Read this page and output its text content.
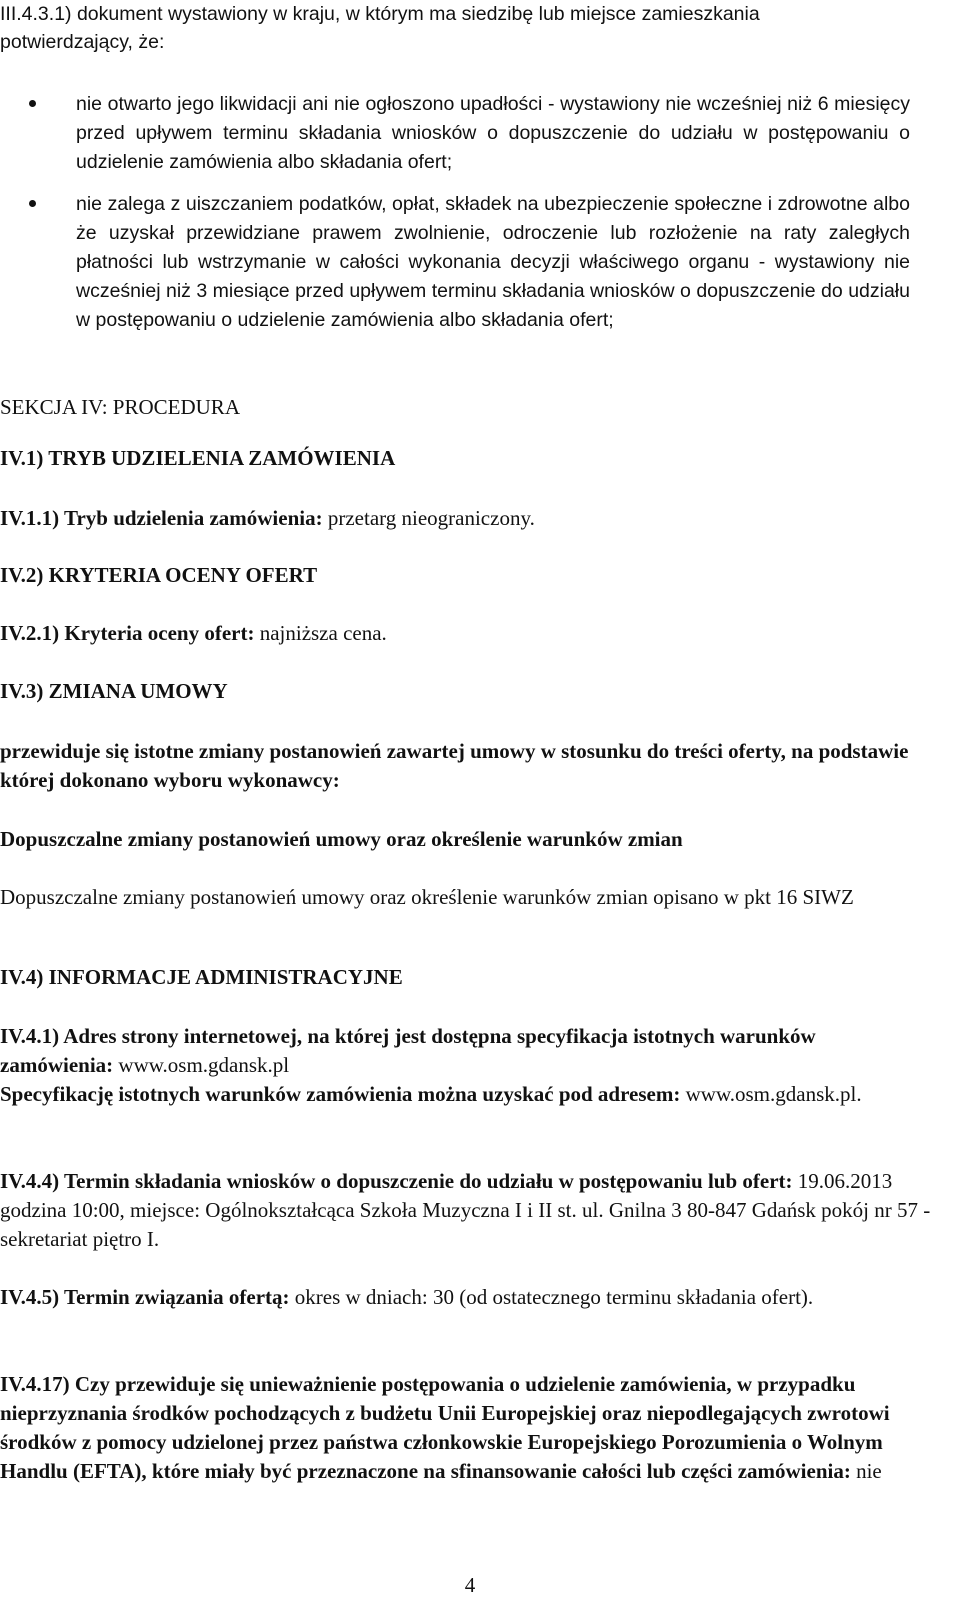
III.4.3.1) dokument wystawiony w kraju, w którym ma siedzibę lub miejsce zamieszkania
potwierdzający, że:
nie otwarto jego likwidacji ani nie ogłoszono upadłości - wystawiony nie wcześniej niż 6 miesięcy przed upływem terminu składania wniosków o dopuszczenie do udziału w postępowaniu o udzielenie zamówienia albo składania ofert;
nie zalega z uiszczaniem podatków, opłat, składek na ubezpieczenie społeczne i zdrowotne albo że uzyskał przewidziane prawem zwolnienie, odroczenie lub rozłożenie na raty zaległych płatności lub wstrzymanie w całości wykonania decyzji właściwego organu - wystawiony nie wcześniej niż 3 miesiące przed upływem terminu składania wniosków o dopuszczenie do udziału w postępowaniu o udzielenie zamówienia albo składania ofert;
SEKCJA IV: PROCEDURA
IV.1) TRYB UDZIELENIA ZAMÓWIENIA
IV.1.1) Tryb udzielenia zamówienia: przetarg nieograniczony.
IV.2) KRYTERIA OCENY OFERT
IV.2.1) Kryteria oceny ofert: najniższa cena.
IV.3) ZMIANA UMOWY
przewiduje się istotne zmiany postanowień zawartej umowy w stosunku do treści oferty, na podstawie której dokonano wyboru wykonawcy:
Dopuszczalne zmiany postanowień umowy oraz określenie warunków zmian
Dopuszczalne zmiany postanowień umowy oraz określenie warunków zmian opisano w pkt 16 SIWZ
IV.4) INFORMACJE ADMINISTRACYJNE
IV.4.1) Adres strony internetowej, na której jest dostępna specyfikacja istotnych warunków zamówienia: www.osm.gdansk.pl
Specyfikację istotnych warunków zamówienia można uzyskać pod adresem: www.osm.gdansk.pl.
IV.4.4) Termin składania wniosków o dopuszczenie do udziału w postępowaniu lub ofert: 19.06.2013 godzina 10:00, miejsce: Ogólnokształcąca Szkoła Muzyczna I i II st. ul. Gnilna 3 80-847 Gdańsk pokój nr 57 - sekretariat piętro I.
IV.4.5) Termin związania ofertą: okres w dniach: 30 (od ostatecznego terminu składania ofert).
IV.4.17) Czy przewiduje się unieważnienie postępowania o udzielenie zamówienia, w przypadku nieprzyznania środków pochodzących z budżetu Unii Europejskiej oraz niepodlegających zwrotowi środków z pomocy udzielonej przez państwa członkowskie Europejskiego Porozumienia o Wolnym Handlu (EFTA), które miały być przeznaczone na sfinansowanie całości lub części zamówienia: nie
4
